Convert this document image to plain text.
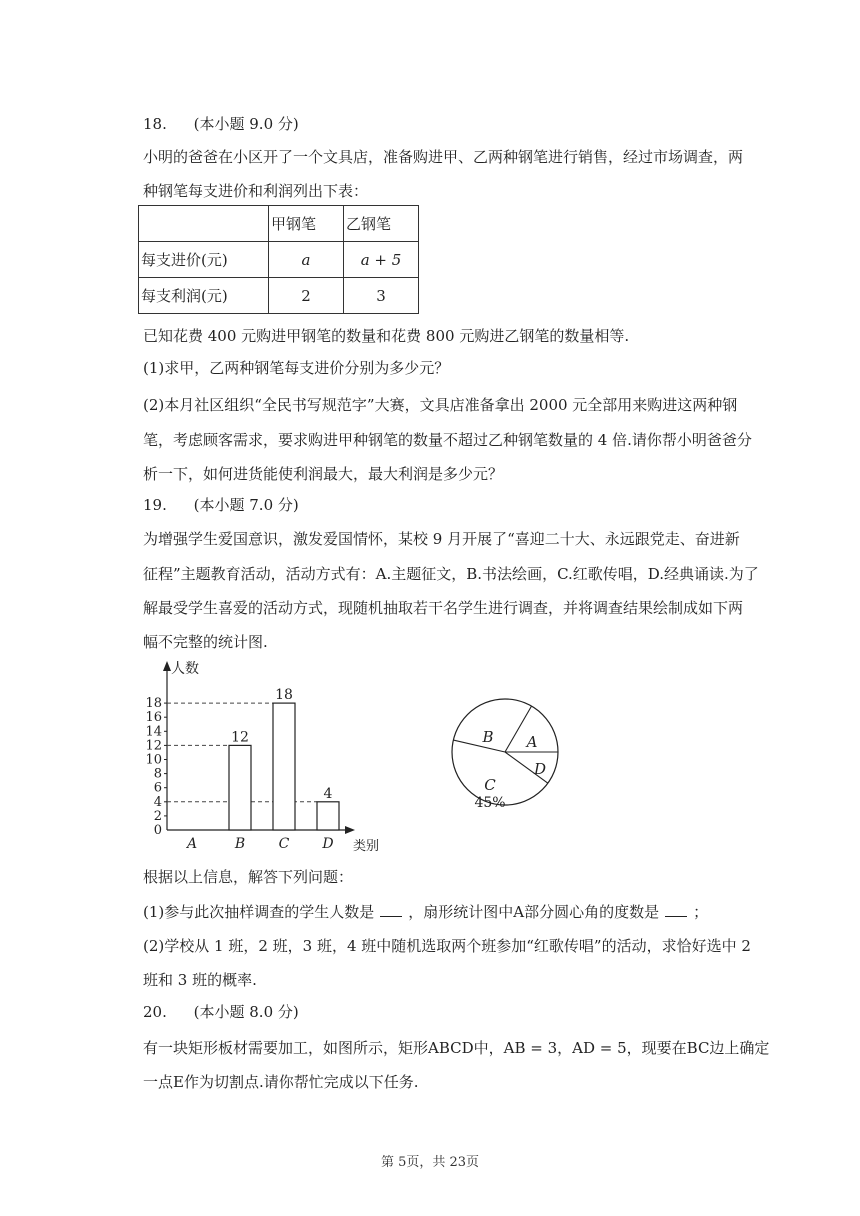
18. (本小题 9.0 分)
小明的爸爸在小区开了一个文具店，准备购进甲、乙两种钢笔进行销售，经过市场调查，两
种钢笔每支进价和利润列出下表：
	甲钢笔	乙钢笔
每支进价(元)	a	a + 5
每支利润(元)	2	3
已知花费 400 元购进甲钢笔的数量和花费 800 元购进乙钢笔的数量相等.
(1)求甲，乙两种钢笔每支进价分别为多少元？
(2)本月社区组织“全民书写规范字”大赛，文具店准备拿出 2000 元全部用来购进这两种钢
笔，考虑顾客需求，要求购进甲种钢笔的数量不超过乙种钢笔数量的 4 倍.请你帮小明爸爸分
析一下，如何进货能使利润最大，最大利润是多少元？
19. (本小题 7.0 分)
为增强学生爱国意识，激发爱国情怀，某校 9 月开展了“喜迎二十大、永远跟党走、奋进新
征程”主题教育活动，活动方式有：A.主题征文，B.书法绘画，C.红歌传唱，D.经典诵读.为了
解最受学生喜爱的活动方式，现随机抽取若干名学生进行调查，并将调查结果绘制成如下两
幅不完整的统计图.
人数
类别
0
2
4
6
8
10
12
14
16
18
A
12
B
18
C
4
D
A
B
C
45%
D
根据以上信息，解答下列问题：
(1)参与此次抽样调查的学生人数是 ，扇形统计图中A部分圆心角的度数是 ；
(2)学校从 1 班，2 班，3 班，4 班中随机选取两个班参加“红歌传唱”的活动，求恰好选中 2
班和 3 班的概率.
20. (本小题 8.0 分)
有一块矩形板材需要加工，如图所示，矩形ABCD中，AB = 3，AD = 5，现要在BC边上确定
一点E作为切割点.请你帮忙完成以下任务.
第 5页，共 23页
